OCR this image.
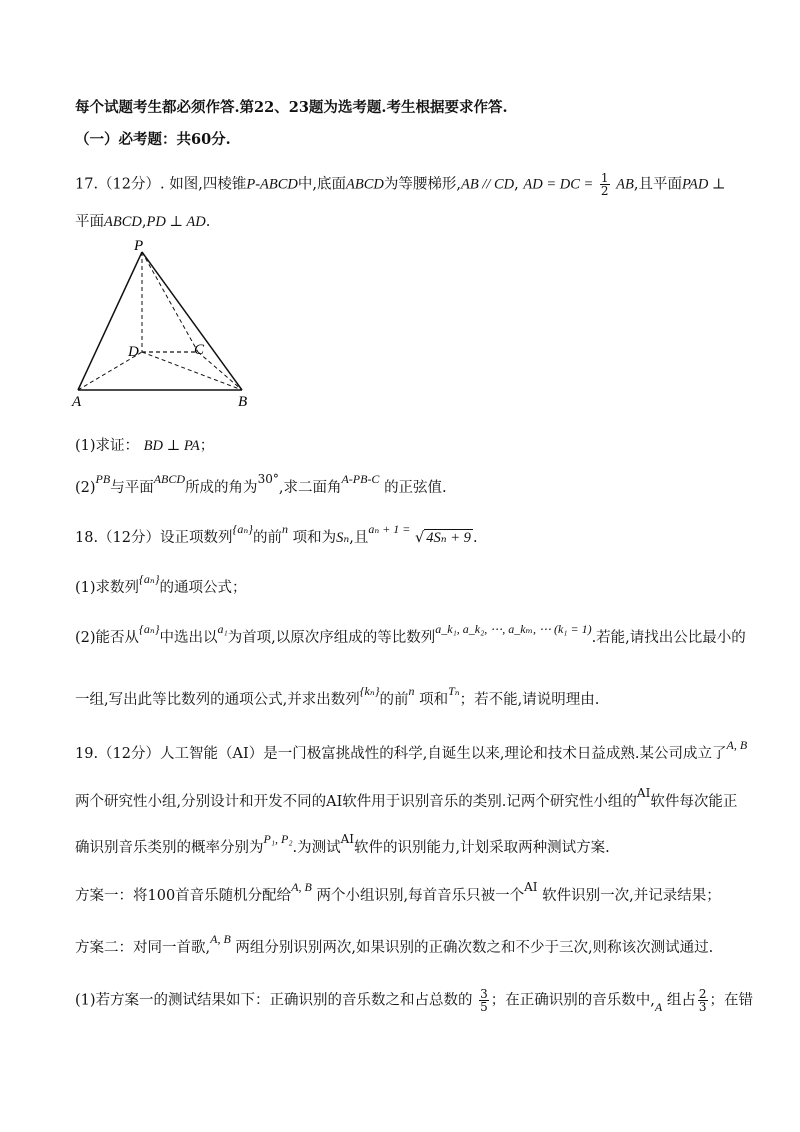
每个试题考生都必须作答.第22、23题为选考题.考生根据要求作答.
（一）必考题：共60分.
17.（12分）. 如图,四棱锥P-ABCD中,底面ABCD为等腰梯形,AB // CD, AD = DC = $\frac{1}{2}$ AB,且平面PAD ⊥
平面ABCD,PD ⊥ AD.
P
D	C
A	B
(1)求证： BD ⊥ PA；
$(2)^{PB}$与平面$^{ABCD}$所成的角为$^{30^\circ}$,求二面角$^{A-PB-C}$ 的正弦值.
18.（12分）设正项数列$^{\{a_n\}}$的前$^n$ 项和为Sₙ,且$^{a_n + 1 =}$ √ 4Sₙ + 9 .
(1)求数列$^{\{a_n\}}$的通项公式；
(2)能否从$^{\{a_n\}}$中选出以$^{a_1}$为首项,以原次序组成的等比数列$^{a\_k_1, a\_k_2, \cdots, a\_k_m, \cdots (k_1 = 1)}$.若能,请找出公比最小的
一组,写出此等比数列的通项公式,并求出数列$^{\{k_n\}}$的前$^n$ 项和$^{T_n}$；若不能,请说明理由.
19.（12分）人工智能（AI）是一门极富挑战性的科学,自诞生以来,理论和技术日益成熟.某公司成立了$^{A, B}$
两个研究性小组,分别设计和开发不同的AI软件用于识别音乐的类别.记两个研究性小组的$^{AI}$软件每次能正
确识别音乐类别的概率分别为$^{P_1, P_2}$.为测试$^{AI}$软件的识别能力,计划采取两种测试方案.
方案一：将100首音乐随机分配给$^{A, B}$ 两个小组识别,每首音乐只被一个$^{AI}$ 软件识别一次,并记录结果；
方案二：对同一首歌,$^{A, B}$ 两组分别识别两次,如果识别的正确次数之和不少于三次,则称该次测试通过.
(1)若方案一的测试结果如下：正确识别的音乐数之和占总数的 $\frac{3}{5}$ ；在正确识别的音乐数中$,_A$ 组占 $\frac{2}{3}$ ；在错
